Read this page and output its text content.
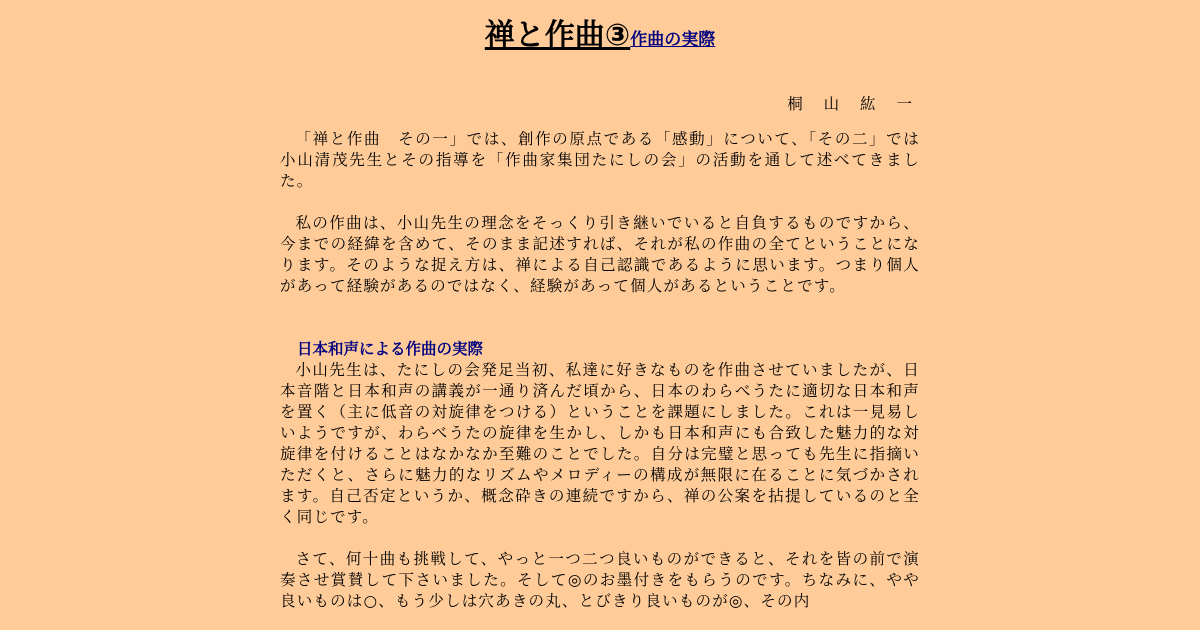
禅と作曲③作曲の実際

桐 山 紘 一

「禅と作曲　その一」では、創作の原点である「感動」について、「その二」では小山清茂先生とその指導を「作曲家集団たにしの会」の活動を通して述べてきました。

私の作曲は、小山先生の理念をそっくり引き継いでいると自負するものですから、今までの経緯を含めて、そのまま記述すれば、それが私の作曲の全てということになります。そのような捉え方は、禅による自己認識であるように思います。つまり個人があって経験があるのではなく、経験があって個人があるということです。

日本和声による作曲の実際

小山先生は、たにしの会発足当初、私達に好きなものを作曲させていましたが、日本音階と日本和声の講義が一通り済んだ頃から、日本のわらべうたに適切な日本和声を置く（主に低音の対旋律をつける）ということを課題にしました。これは一見易しいようですが、わらべうたの旋律を生かし、しかも日本和声にも合致した魅力的な対旋律を付けることはなかなか至難のことでした。自分は完璧と思っても先生に指摘いただくと、さらに魅力的なリズムやメロディーの構成が無限に在ることに気づかされます。自己否定というか、概念砕きの連続ですから、禅の公案を拈提しているのと全く同じです。

さて、何十曲も挑戦して、やっと一つ二つ良いものができると、それを皆の前で演奏させ賞賛して下さいました。そして◎のお墨付きをもらうのです。ちなみに、やや良いものは○、もう少しは穴あきの丸、とびきり良いものが◎、その内
